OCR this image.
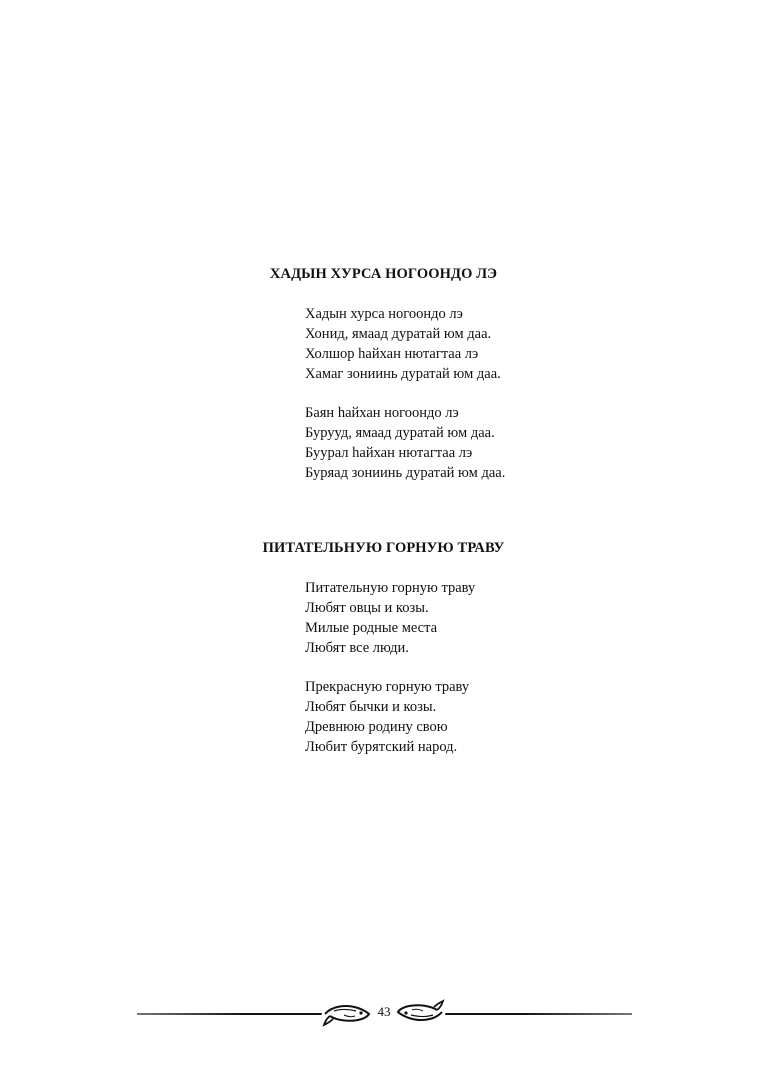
ХАДЫН ХУРСА НОГООНДО ЛЭ
Хадын хурса ногоондо лэ
Хонид, ямаад дуратай юм даа.
Холшор һайхан нютагтаа лэ
Хамаг зониинь дуратай юм даа.
Баян һайхан ногоондо лэ
Бурууд, ямаад дуратай юм даа.
Буурал һайхан нютагтаа лэ
Буряад зониинь дуратай юм даа.
ПИТАТЕЛЬНУЮ ГОРНУЮ ТРАВУ
Питательную горную траву
Любят овцы и козы.
Милые родные места
Любят все люди.
Прекрасную горную траву
Любят бычки и козы.
Древнюю родину свою
Любит бурятский народ.
43
